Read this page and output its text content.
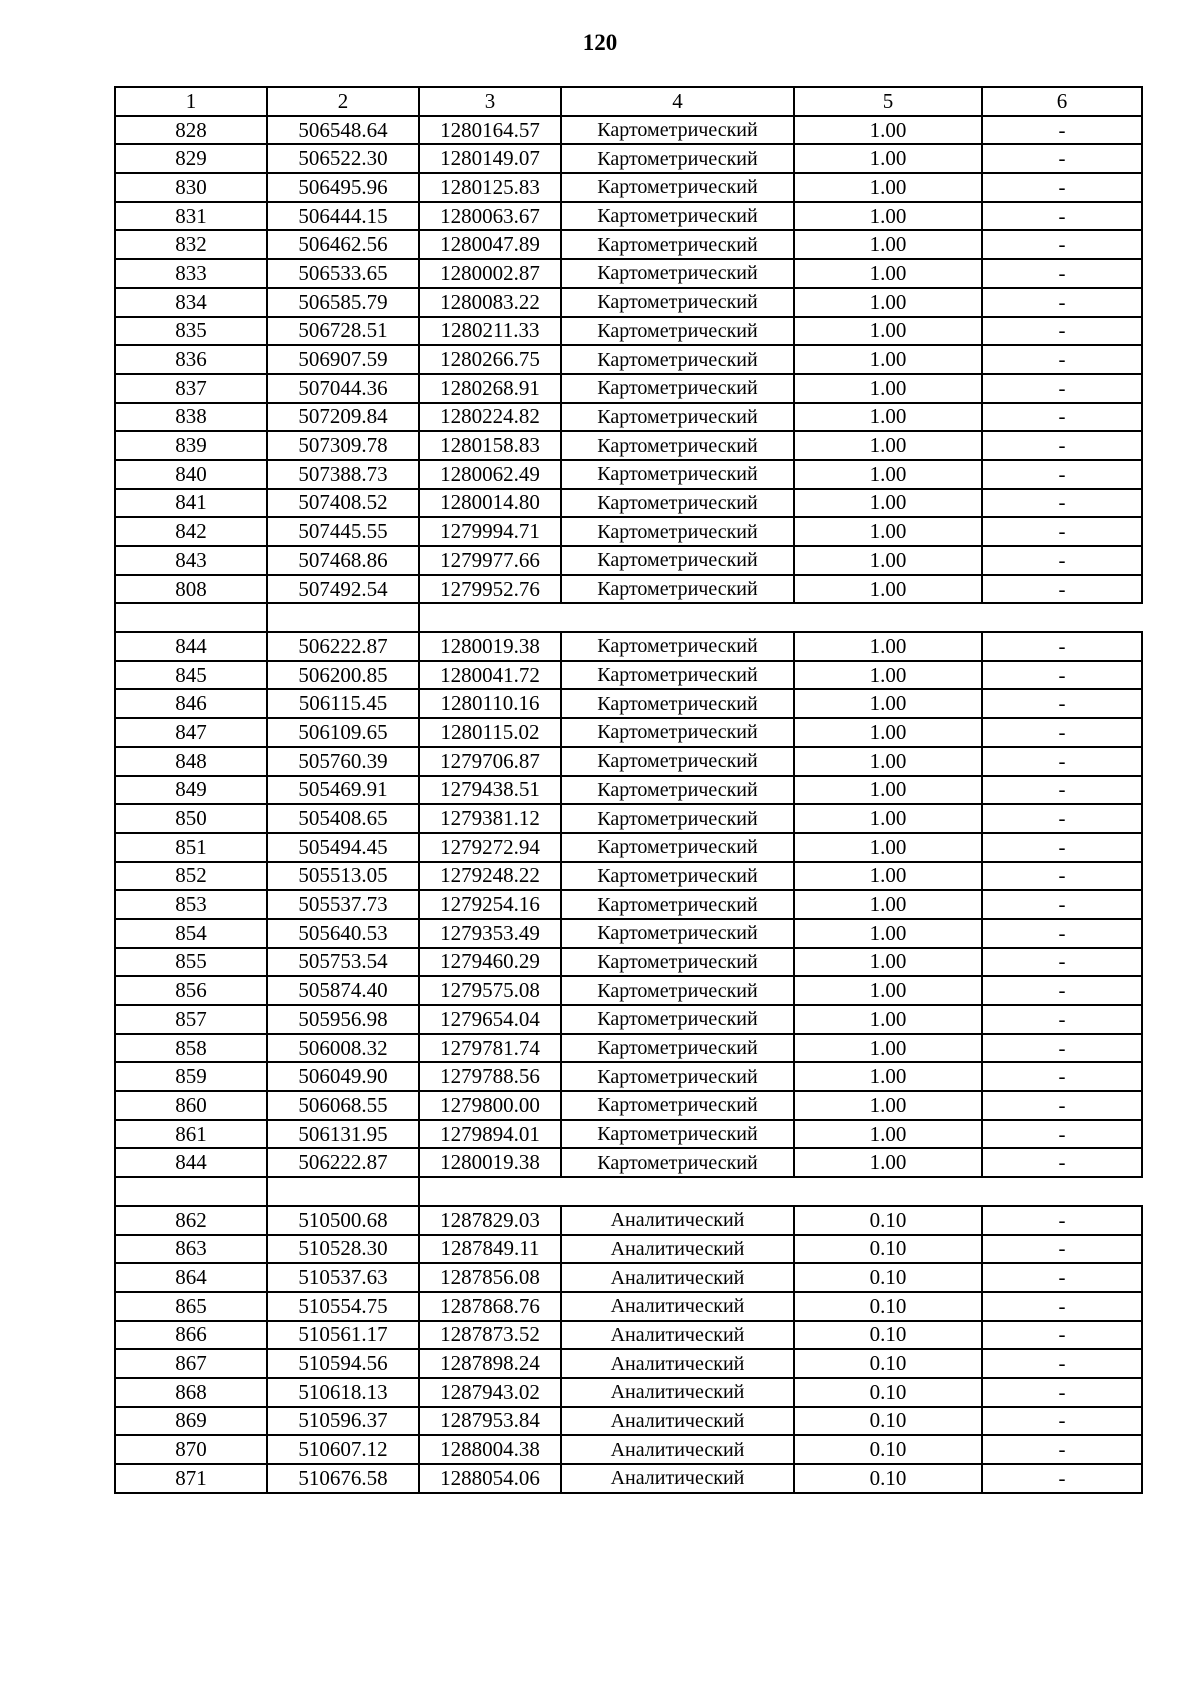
120
1	2	3	4	5	6
828	506548.64	1280164.57	Картометрический	1.00	-
829	506522.30	1280149.07	Картометрический	1.00	-
830	506495.96	1280125.83	Картометрический	1.00	-
831	506444.15	1280063.67	Картометрический	1.00	-
832	506462.56	1280047.89	Картометрический	1.00	-
833	506533.65	1280002.87	Картометрический	1.00	-
834	506585.79	1280083.22	Картометрический	1.00	-
835	506728.51	1280211.33	Картометрический	1.00	-
836	506907.59	1280266.75	Картометрический	1.00	-
837	507044.36	1280268.91	Картометрический	1.00	-
838	507209.84	1280224.82	Картометрический	1.00	-
839	507309.78	1280158.83	Картометрический	1.00	-
840	507388.73	1280062.49	Картометрический	1.00	-
841	507408.52	1280014.80	Картометрический	1.00	-
842	507445.55	1279994.71	Картометрический	1.00	-
843	507468.86	1279977.66	Картометрический	1.00	-
808	507492.54	1279952.76	Картометрический	1.00	-

844	506222.87	1280019.38	Картометрический	1.00	-
845	506200.85	1280041.72	Картометрический	1.00	-
846	506115.45	1280110.16	Картометрический	1.00	-
847	506109.65	1280115.02	Картометрический	1.00	-
848	505760.39	1279706.87	Картометрический	1.00	-
849	505469.91	1279438.51	Картометрический	1.00	-
850	505408.65	1279381.12	Картометрический	1.00	-
851	505494.45	1279272.94	Картометрический	1.00	-
852	505513.05	1279248.22	Картометрический	1.00	-
853	505537.73	1279254.16	Картометрический	1.00	-
854	505640.53	1279353.49	Картометрический	1.00	-
855	505753.54	1279460.29	Картометрический	1.00	-
856	505874.40	1279575.08	Картометрический	1.00	-
857	505956.98	1279654.04	Картометрический	1.00	-
858	506008.32	1279781.74	Картометрический	1.00	-
859	506049.90	1279788.56	Картометрический	1.00	-
860	506068.55	1279800.00	Картометрический	1.00	-
861	506131.95	1279894.01	Картометрический	1.00	-
844	506222.87	1280019.38	Картометрический	1.00	-

862	510500.68	1287829.03	Аналитический	0.10	-
863	510528.30	1287849.11	Аналитический	0.10	-
864	510537.63	1287856.08	Аналитический	0.10	-
865	510554.75	1287868.76	Аналитический	0.10	-
866	510561.17	1287873.52	Аналитический	0.10	-
867	510594.56	1287898.24	Аналитический	0.10	-
868	510618.13	1287943.02	Аналитический	0.10	-
869	510596.37	1287953.84	Аналитический	0.10	-
870	510607.12	1288004.38	Аналитический	0.10	-
871	510676.58	1288054.06	Аналитический	0.10	-
